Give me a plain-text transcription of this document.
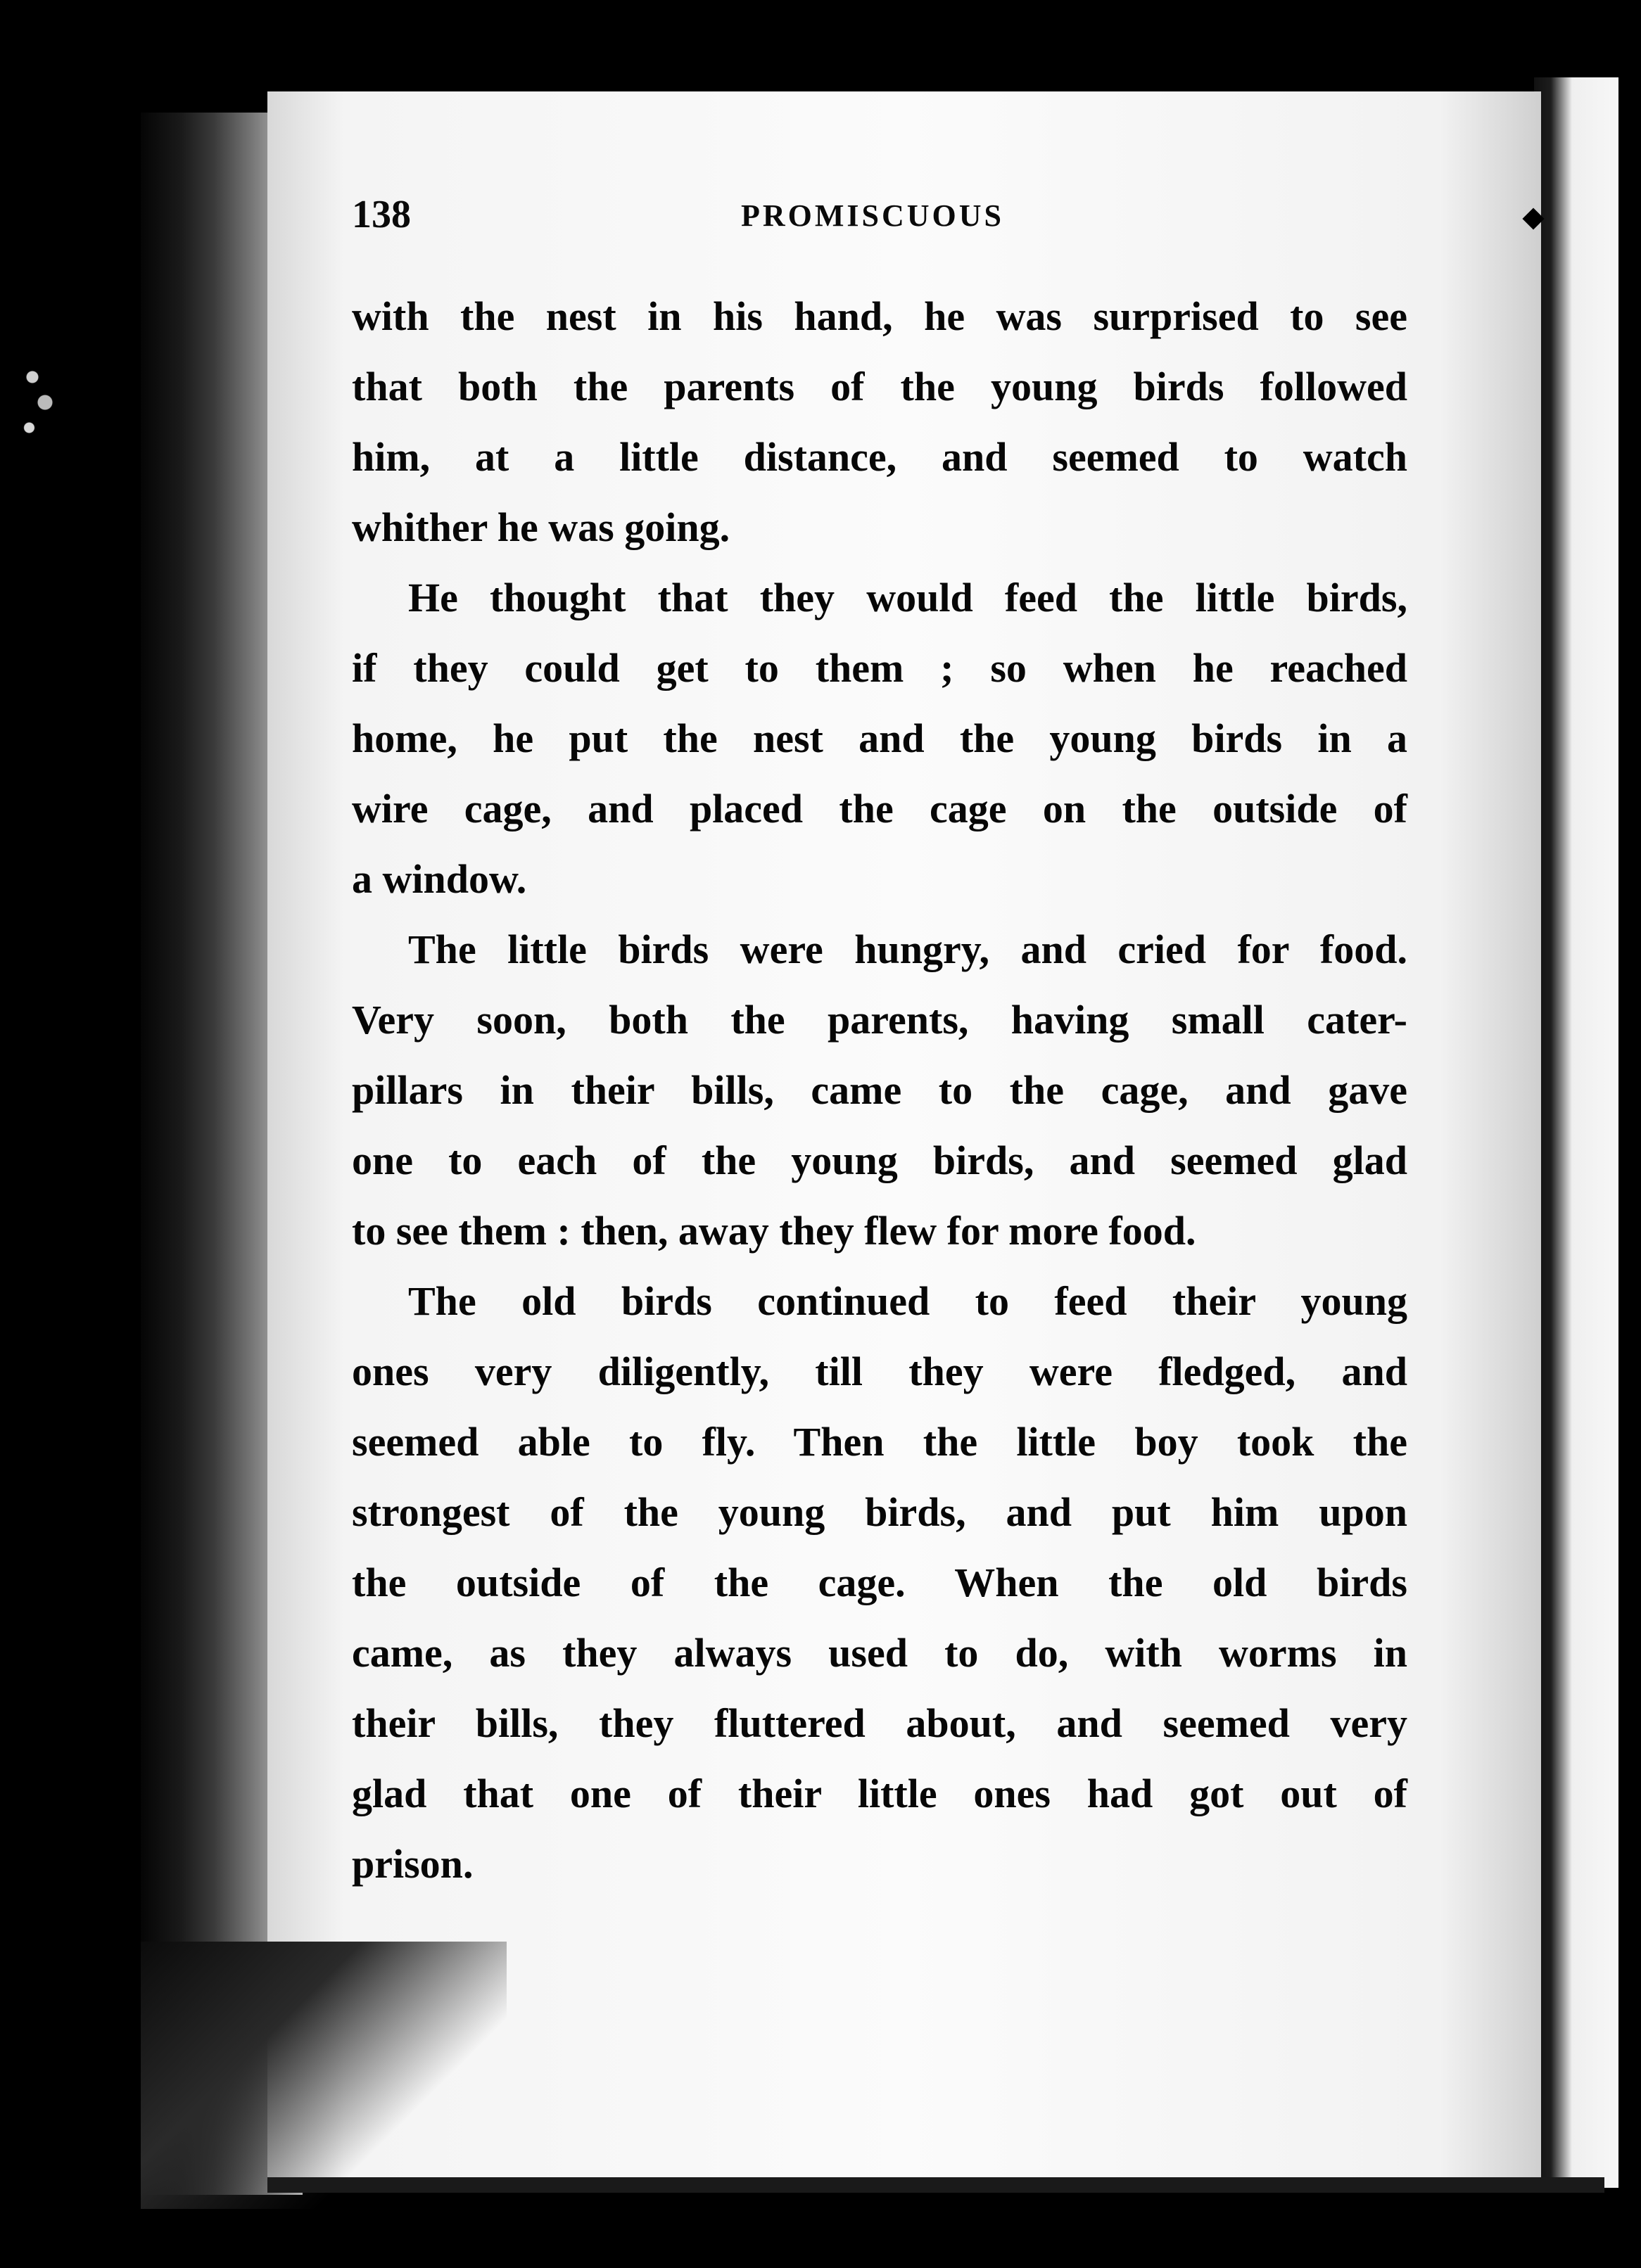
138	PROMISCUOUS

with the nest in his hand, he was surprised to see
that both the parents of the young birds followed
him, at a little distance, and seemed to watch
whither he was going.

He thought that they would feed the little birds,
if they could get to them ; so when he reached
home, he put the nest and the young birds in a
wire cage, and placed the cage on the outside of
a window.

The little birds were hungry, and cried for food.
Very soon, both the parents, having small cater-
pillars in their bills, came to the cage, and gave
one to each of the young birds, and seemed glad
to see them : then, away they flew for more food.

The old birds continued to feed their young
ones very diligently, till they were fledged, and
seemed able to fly. Then the little boy took the
strongest of the young birds, and put him upon
the outside of the cage. When the old birds
came, as they always used to do, with worms in
their bills, they fluttered about, and seemed very
glad that one of their little ones had got out of
prison.
